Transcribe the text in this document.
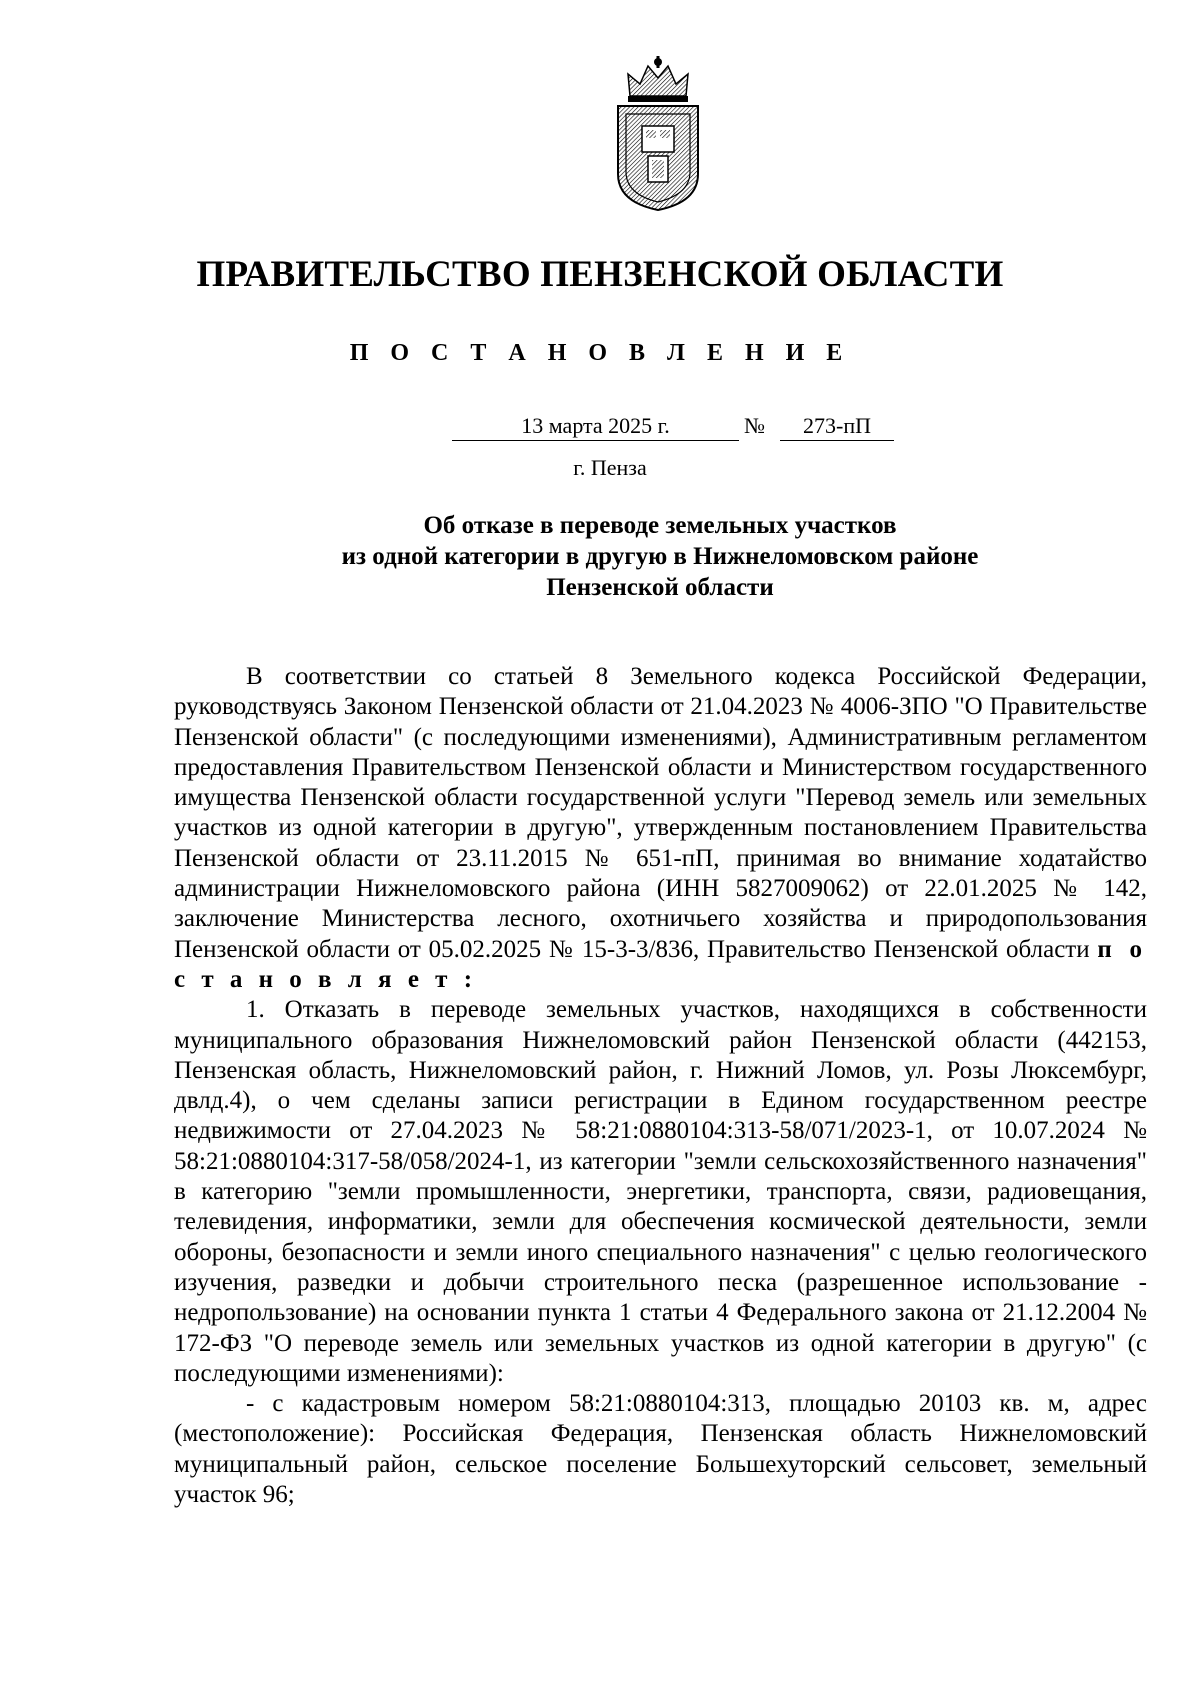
ПРАВИТЕЛЬСТВО ПЕНЗЕНСКОЙ ОБЛАСТИ
П О С Т А Н О В Л Е Н И Е
13 марта 2025 г.	№	273-пП
г. Пенза
Об отказе в переводе земельных участков
из одной категории в другую в Нижнеломовском районе
Пензенской области

В соответствии со статьей 8 Земельного кодекса Российской Федерации, руководствуясь Законом Пензенской области от 21.04.2023 № 4006-ЗПО "О Правительстве Пензенской области" (с последующими изменениями), Административным регламентом предоставления Правительством Пензенской области и Министерством государственного имущества Пензенской области государственной услуги "Перевод земель или земельных участков из одной категории в другую", утвержденным постановлением Правительства Пензенской области от 23.11.2015 № 651-пП, принимая во внимание ходатайство администрации Нижнеломовского района (ИНН 5827009062) от 22.01.2025 № 142, заключение Министерства лесного, охотничьего хозяйства и природопользования Пензенской области от 05.02.2025 № 15-3-3/836, Правительство Пензенской области п о с т а н о в л я е т :

1. Отказать в переводе земельных участков, находящихся в собственности муниципального образования Нижнеломовский район Пензенской области (442153, Пензенская область, Нижнеломовский район, г. Нижний Ломов, ул. Розы Люксембург, двлд.4), о чем сделаны записи регистрации в Едином государственном реестре недвижимости от 27.04.2023 № 58:21:0880104:313-58/071/2023-1, от 10.07.2024 № 58:21:0880104:317-58/058/2024-1, из категории "земли сельскохозяйственного назначения" в категорию "земли промышленности, энергетики, транспорта, связи, радиовещания, телевидения, информатики, земли для обеспечения космической деятельности, земли обороны, безопасности и земли иного специального назначения" с целью геологического изучения, разведки и добычи строительного песка (разрешенное использование - недропользование) на основании пункта 1 статьи 4 Федерального закона от 21.12.2004 № 172-ФЗ "О переводе земель или земельных участков из одной категории в другую" (с последующими изменениями):

- с кадастровым номером 58:21:0880104:313, площадью 20103 кв. м, адрес (местоположение): Российская Федерация, Пензенская область Нижнеломовский муниципальный район, сельское поселение Большехуторский сельсовет, земельный участок 96;
